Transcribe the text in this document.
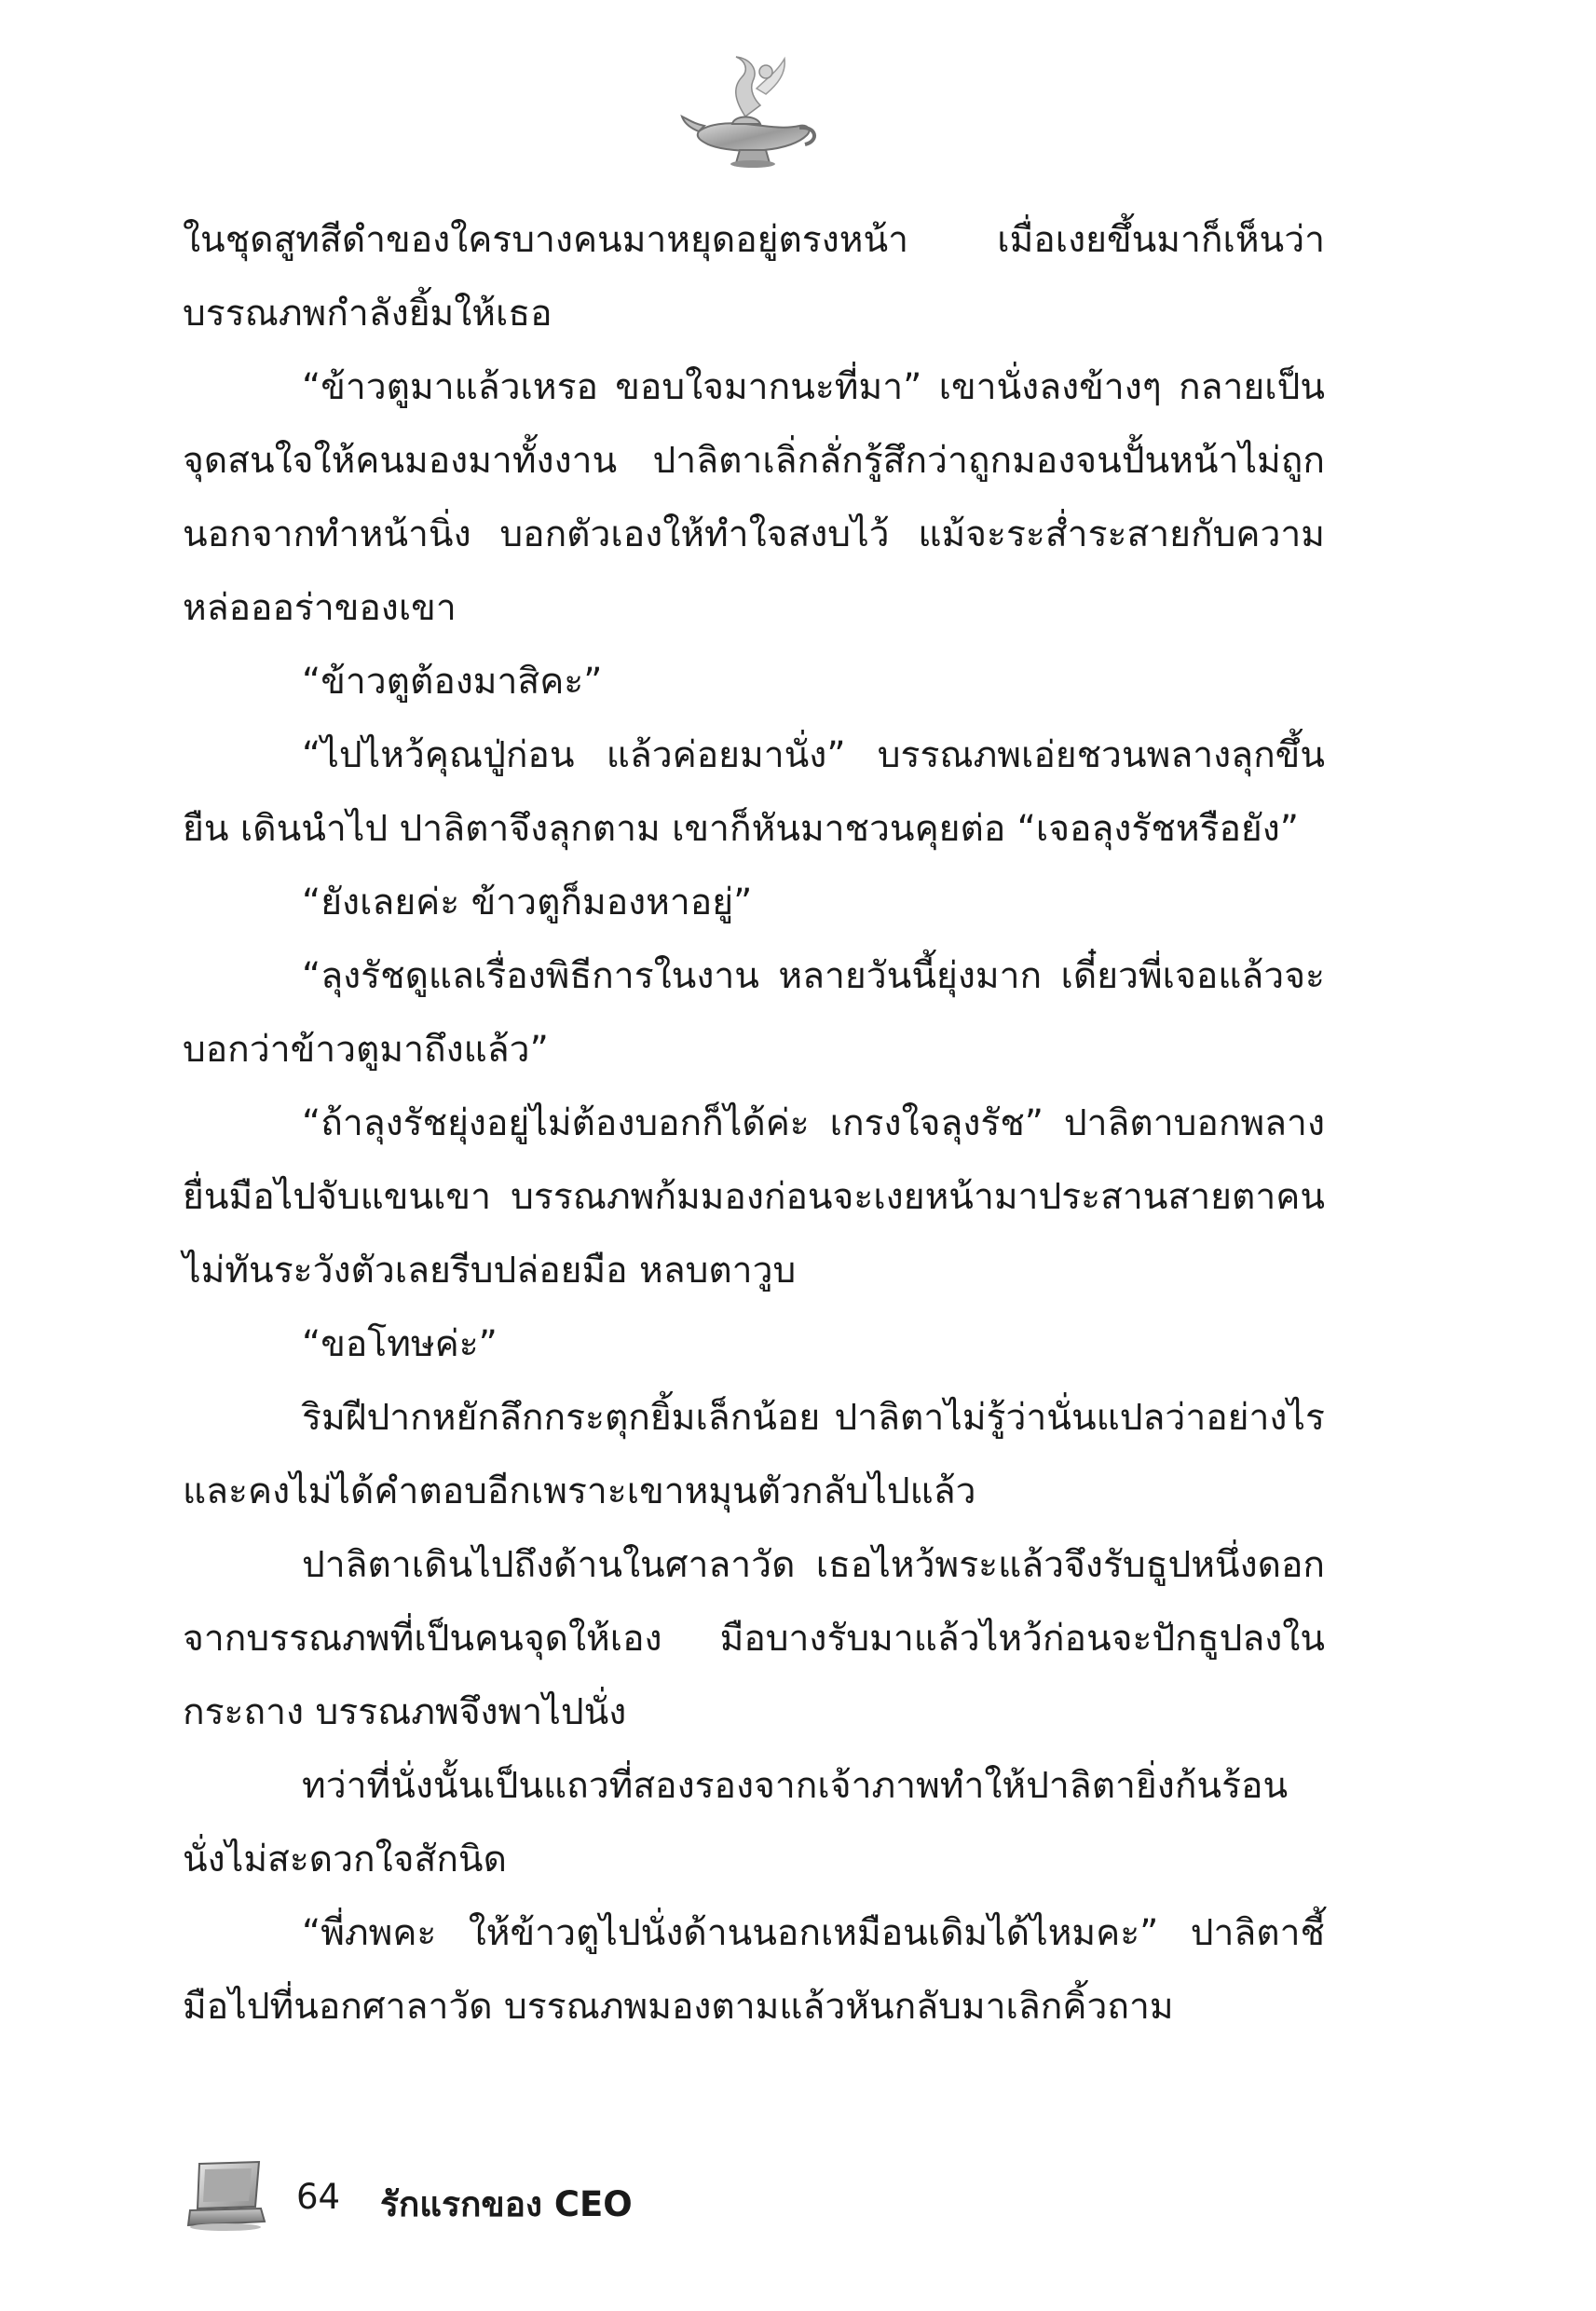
ในชุดสูทสีดำของใครบางคนมาหยุดอยู่ตรงหน้า เมื่อเงยขึ้นมาก็เห็นว่า บรรณภพกำลังยิ้มให้เธอ

“ข้าวตูมาแล้วเหรอ ขอบใจมากนะที่มา” เขานั่งลงข้างๆ กลายเป็นจุดสนใจให้คนมองมาทั้งงาน ปาลิตาเลิ่กลั่กรู้สึกว่าถูกมองจนปั้นหน้าไม่ถูก นอกจากทำหน้านิ่ง บอกตัวเองให้ทำใจสงบไว้ แม้จะระส่ำระสายกับความหล่อออร่าของเขา

“ข้าวตูต้องมาสิคะ”

“ไปไหว้คุณปู่ก่อน แล้วค่อยมานั่ง” บรรณภพเอ่ยชวนพลางลุกขึ้นยืน เดินนำไป ปาลิตาจึงลุกตาม เขาก็หันมาชวนคุยต่อ “เจอลุงรัชหรือยัง”

“ยังเลยค่ะ ข้าวตูก็มองหาอยู่”

“ลุงรัชดูแลเรื่องพิธีการในงาน หลายวันนี้ยุ่งมาก เดี๋ยวพี่เจอแล้วจะบอกว่าข้าวตูมาถึงแล้ว”

“ถ้าลุงรัชยุ่งอยู่ไม่ต้องบอกก็ได้ค่ะ เกรงใจลุงรัช” ปาลิตาบอกพลางยื่นมือไปจับแขนเขา บรรณภพก้มมองก่อนจะเงยหน้ามาประสานสายตาคนไม่ทันระวังตัวเลยรีบปล่อยมือ หลบตาวูบ

“ขอโทษค่ะ”

ริมฝีปากหยักลึกกระตุกยิ้มเล็กน้อย ปาลิตาไม่รู้ว่านั่นแปลว่าอย่างไร และคงไม่ได้คำตอบอีกเพราะเขาหมุนตัวกลับไปแล้ว

ปาลิตาเดินไปถึงด้านในศาลาวัด เธอไหว้พระแล้วจึงรับธูปหนึ่งดอกจากบรรณภพที่เป็นคนจุดให้เอง มือบางรับมาแล้วไหว้ก่อนจะปักธูปลงในกระถาง บรรณภพจึงพาไปนั่ง

ทว่าที่นั่งนั้นเป็นแถวที่สองรองจากเจ้าภาพทำให้ปาลิตายิ่งก้นร้อนนั่งไม่สะดวกใจสักนิด

“พี่ภพคะ ให้ข้าวตูไปนั่งด้านนอกเหมือนเดิมได้ไหมคะ” ปาลิตาชี้มือไปที่นอกศาลาวัด บรรณภพมองตามแล้วหันกลับมาเลิกคิ้วถาม

64 รักแรกของ CEO
